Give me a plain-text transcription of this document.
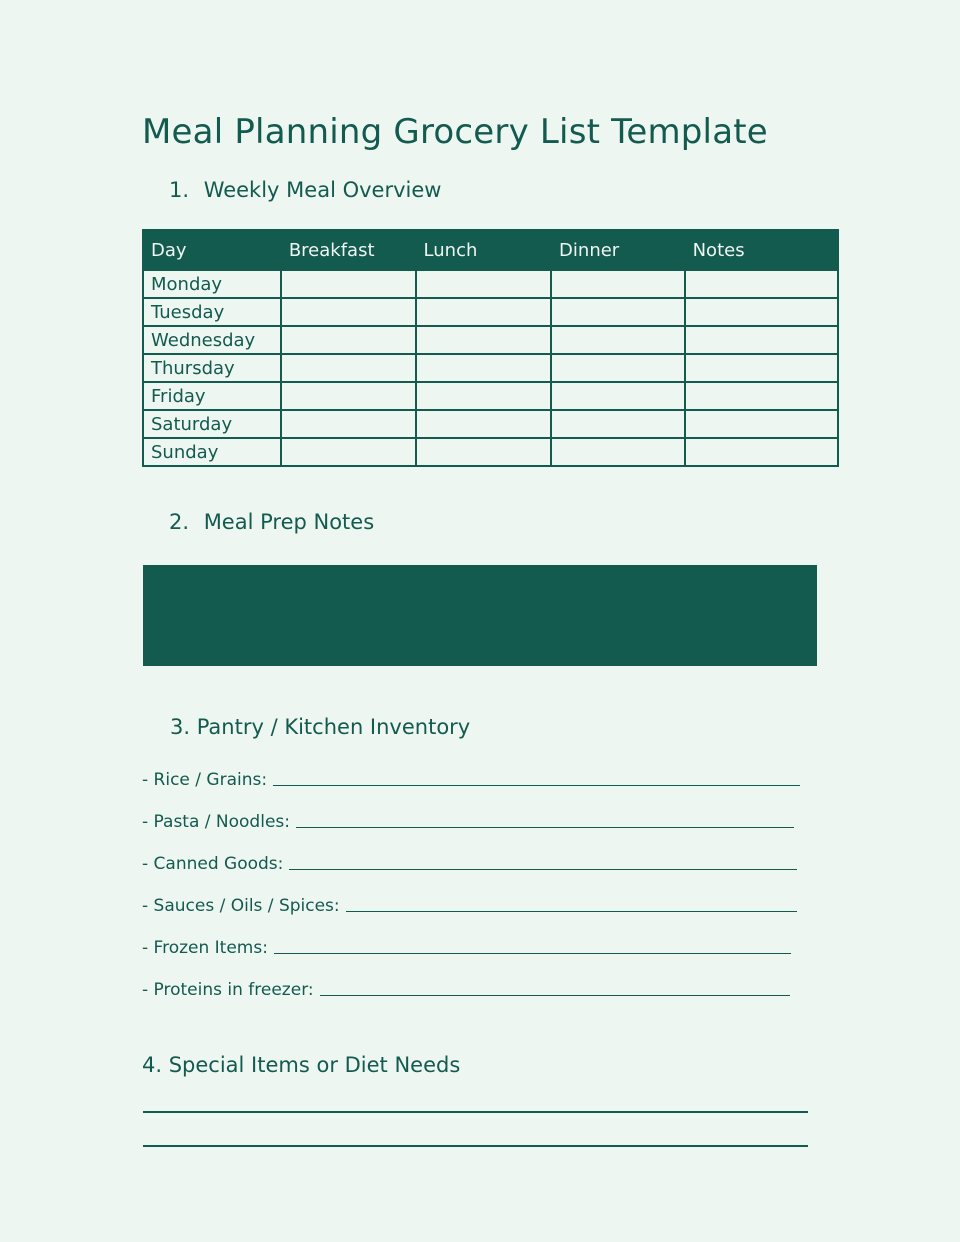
Meal Planning Grocery List Template
1. Weekly Meal Overview
Day	Breakfast	Lunch	Dinner	Notes
Monday				
Tuesday				
Wednesday				
Thursday				
Friday				
Saturday				
Sunday				
2. Meal Prep Notes
3. Pantry / Kitchen Inventory
- Rice / Grains:
- Pasta / Noodles:
- Canned Goods:
- Sauces / Oils / Spices:
- Frozen Items:
- Proteins in freezer:
4. Special Items or Diet Needs
